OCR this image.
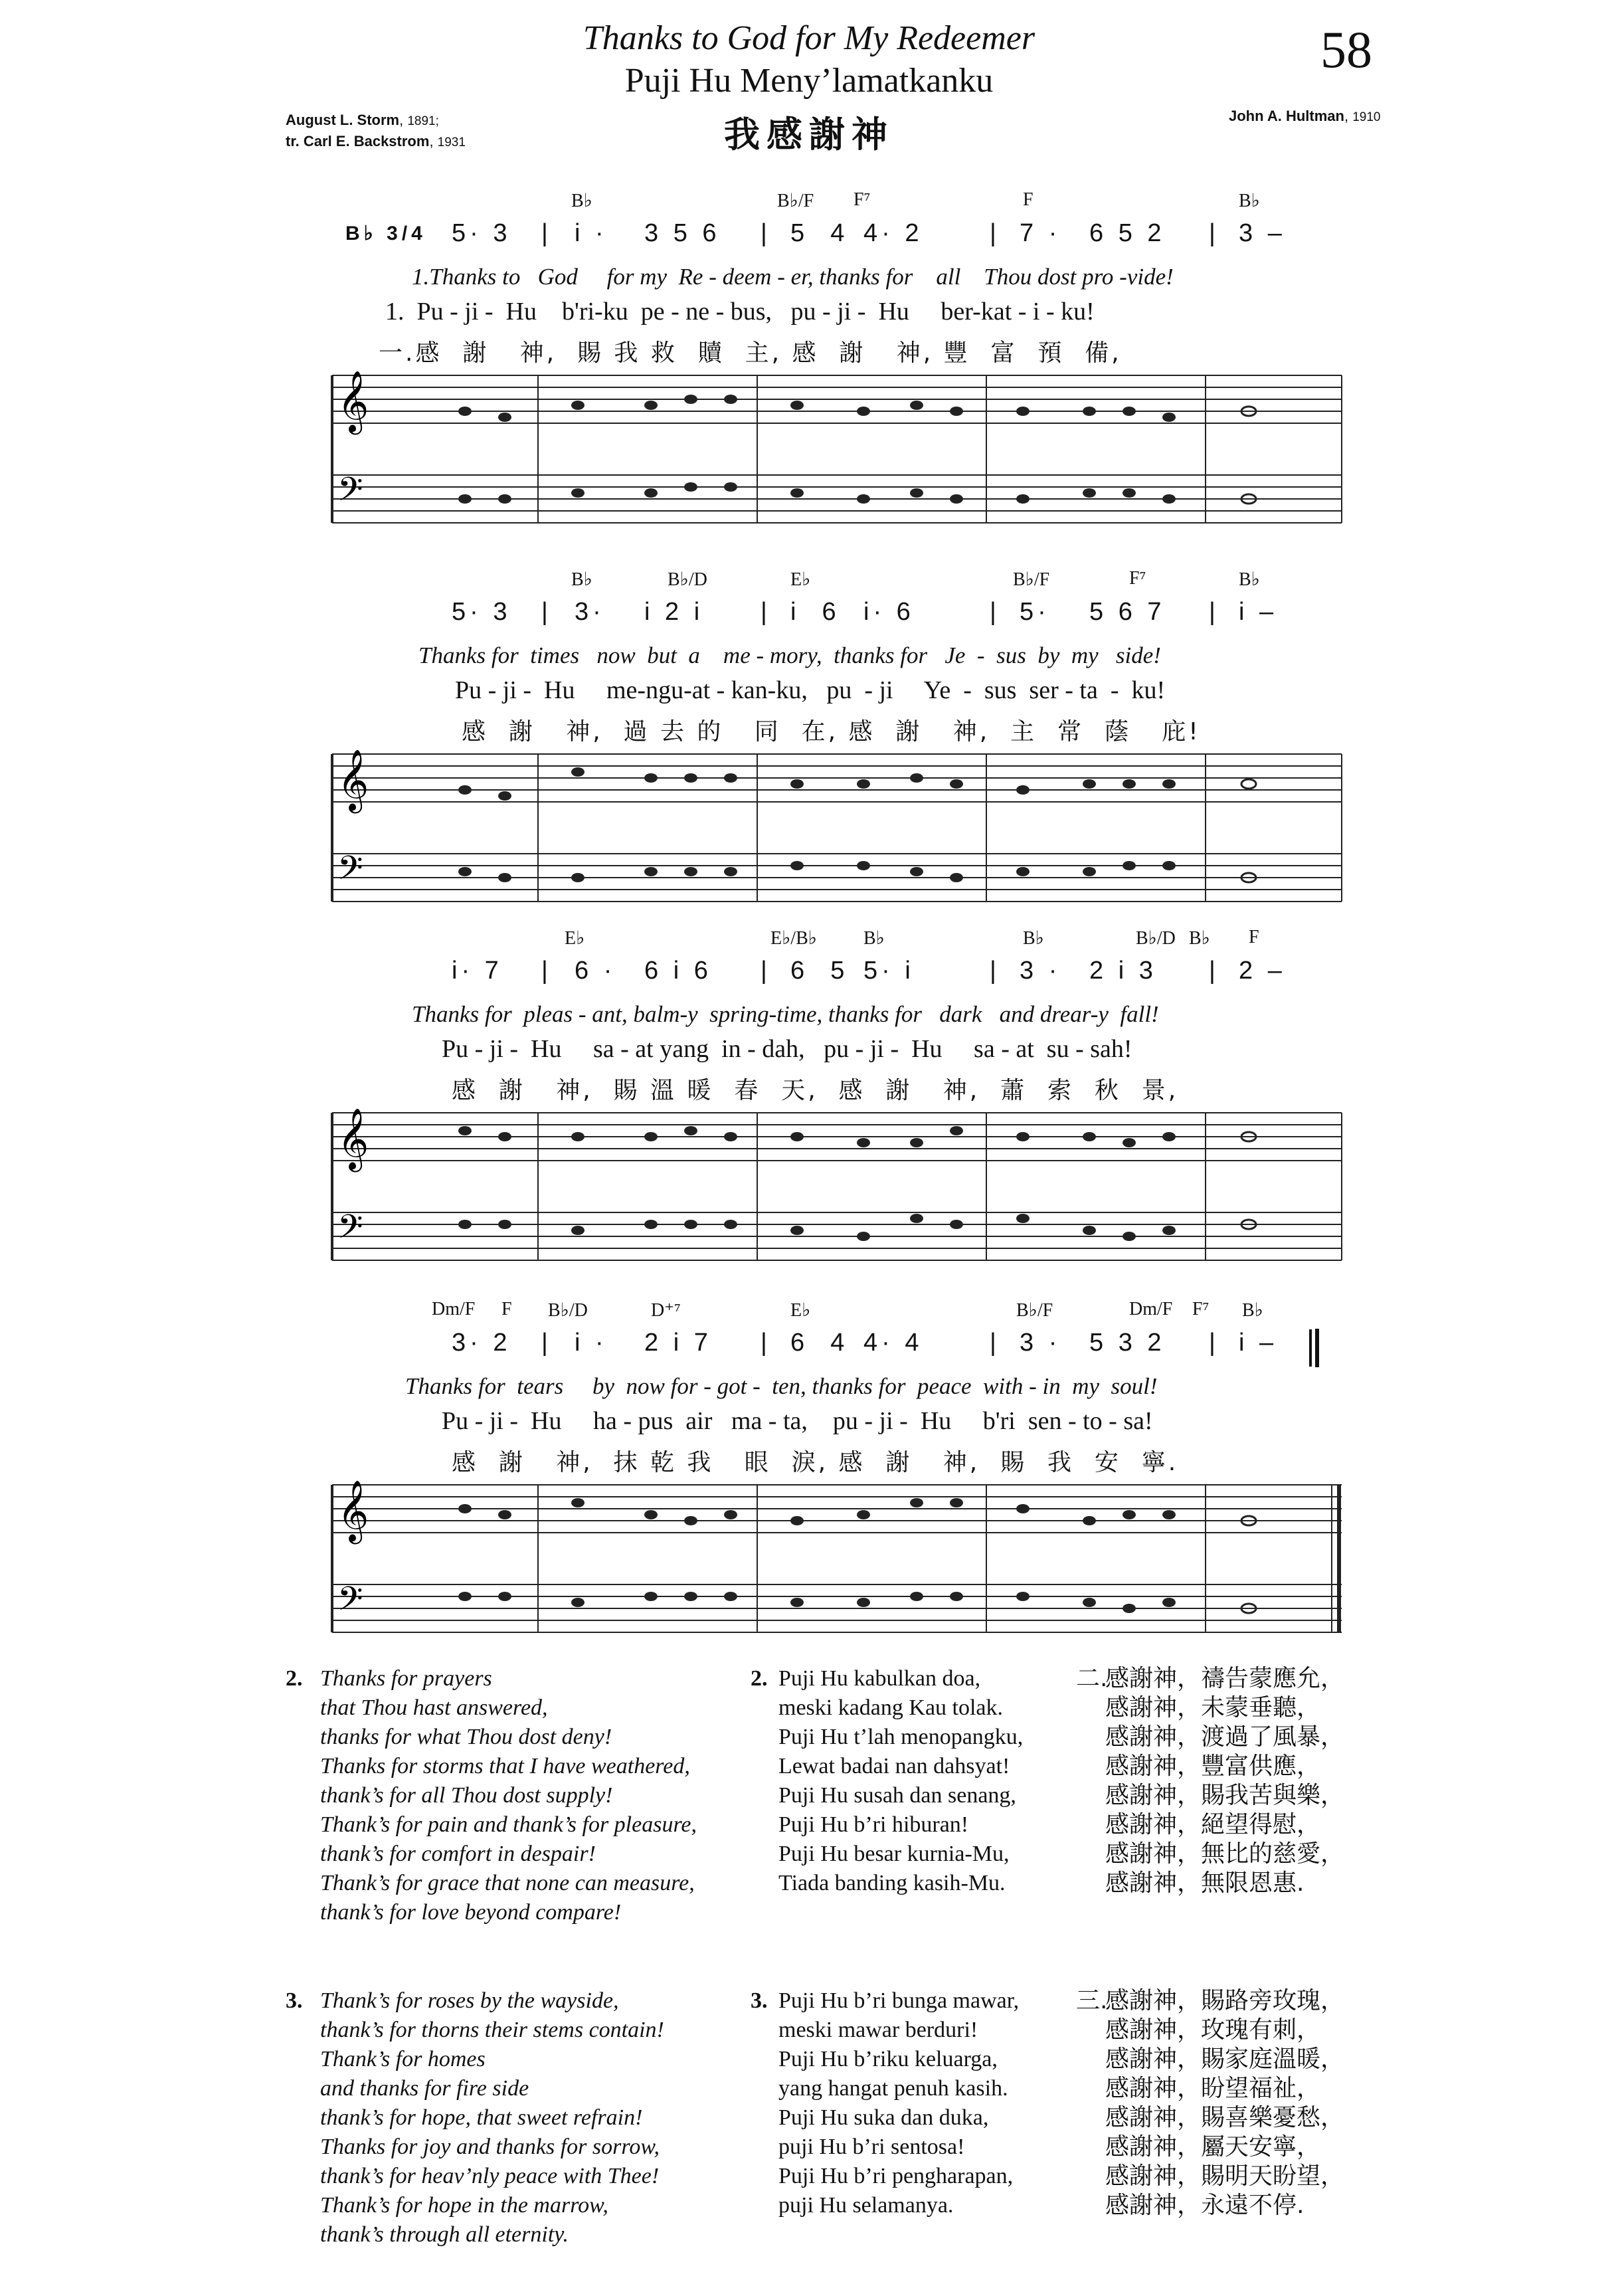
Thanks to God for My Redeemer
Puji Hu Meny’lamatkanku
我感謝神
58
August L. Storm, 1891;
tr. Carl E. Backstrom, 1931
John A. Hultman, 1910
B♭	B♭/F F⁷	F	B♭
B♭ 3/4 5· 3 | i · 3 5 6 | 5  4 4· 2	| 7 · 6 5 2 | 3 –
1.Thanks to   God     for my  Re - deem - er, thanks for    all    Thou dost pro -vide!
1.  Pu - ji -  Hu    b'ri-ku  pe - ne - bus,   pu - ji -  Hu     ber-kat - i - ku!
一.感  謝   神,  賜 我 救  贖  主, 感  謝   神, 豐  富  預  備,
𝄞
𝄢
B♭	B♭/D	E♭	B♭/F	F⁷	B♭
5· 3 | 3· i 2 i | i  6 i· 6	| 5· 5 6 7 | i –
Thanks for  times   now  but  a    me - mory,  thanks for   Je  -  sus  by  my   side!
Pu - ji -  Hu     me-ngu-at - kan-ku,   pu  - ji     Ye  -  sus  ser - ta  -  ku!
感  謝   神,  過 去 的   同  在, 感  謝   神,  主  常  蔭   庇!
𝄞
𝄢
E♭	E♭/B♭	B♭	B♭	B♭/D B♭ F
i· 7 | 6 · 6 i 6 | 6  5 5· i	| 3 · 2 i 3 | 2 –
Thanks for  pleas - ant, balm-y  spring-time, thanks for   dark   and drear-y  fall!
Pu - ji -  Hu     sa - at yang  in - dah,   pu - ji -  Hu     sa - at  su - sah!
感  謝   神,  賜 溫 暖  春  天,  感  謝   神,  蕭  索  秋  景,
𝄞
𝄢
Dm/F F B♭/D	D⁺⁷	E♭	B♭/F	Dm/F F⁷ B♭
3· 2 | i · 2 i 7 | 6  4 4· 4	| 3 · 5 3 2 | i –
Thanks for  tears     by  now for - got -  ten, thanks for  peace  with - in  my  soul!
Pu - ji -  Hu     ha - pus  air   ma - ta,    pu - ji -  Hu     b'ri  sen - to - sa!
感  謝   神,  抹 乾 我   眼  淚, 感  謝   神,  賜  我  安  寧.
𝄞
𝄢
2. Thanks for prayers
that Thou hast answered,
thanks for what Thou dost deny!
Thanks for storms that I have weathered,
thank’s for all Thou dost supply!
Thank’s for pain and thank’s for pleasure,
thank’s for comfort in despair!
Thank’s for grace that none can measure,
thank’s for love beyond compare!
2. Puji Hu kabulkan doa,
meski kadang Kau tolak.
Puji Hu t’lah menopangku,
Lewat badai nan dahsyat!
Puji Hu susah dan senang,
Puji Hu b’ri hiburan!
Puji Hu besar kurnia-Mu,
Tiada banding kasih-Mu.
二.
感謝神，禱告蒙應允，
感謝神，未蒙垂聽，
感謝神，渡過了風暴，
感謝神，豐富供應，
感謝神，賜我苦與樂，
感謝神，絕望得慰，
感謝神，無比的慈愛，
感謝神，無限恩惠.
3. Thank’s for roses by the wayside,
thank’s for thorns their stems contain!
Thank’s for homes
and thanks for fire side
thank’s for hope, that sweet refrain!
Thanks for joy and thanks for sorrow,
thank’s for heav’nly peace with Thee!
Thank’s for hope in the marrow,
thank’s through all eternity.
3. Puji Hu b’ri bunga mawar,
meski mawar berduri!
Puji Hu b’riku keluarga,
yang hangat penuh kasih.
Puji Hu suka dan duka,
puji Hu b’ri sentosa!
Puji Hu b’ri pengharapan,
puji Hu selamanya.
三.
感謝神，賜路旁玫瑰，
感謝神，玫瑰有刺，
感謝神，賜家庭溫暖，
感謝神，盼望福祉，
感謝神，賜喜樂憂愁，
感謝神，屬天安寧，
感謝神，賜明天盼望，
感謝神，永遠不停.
